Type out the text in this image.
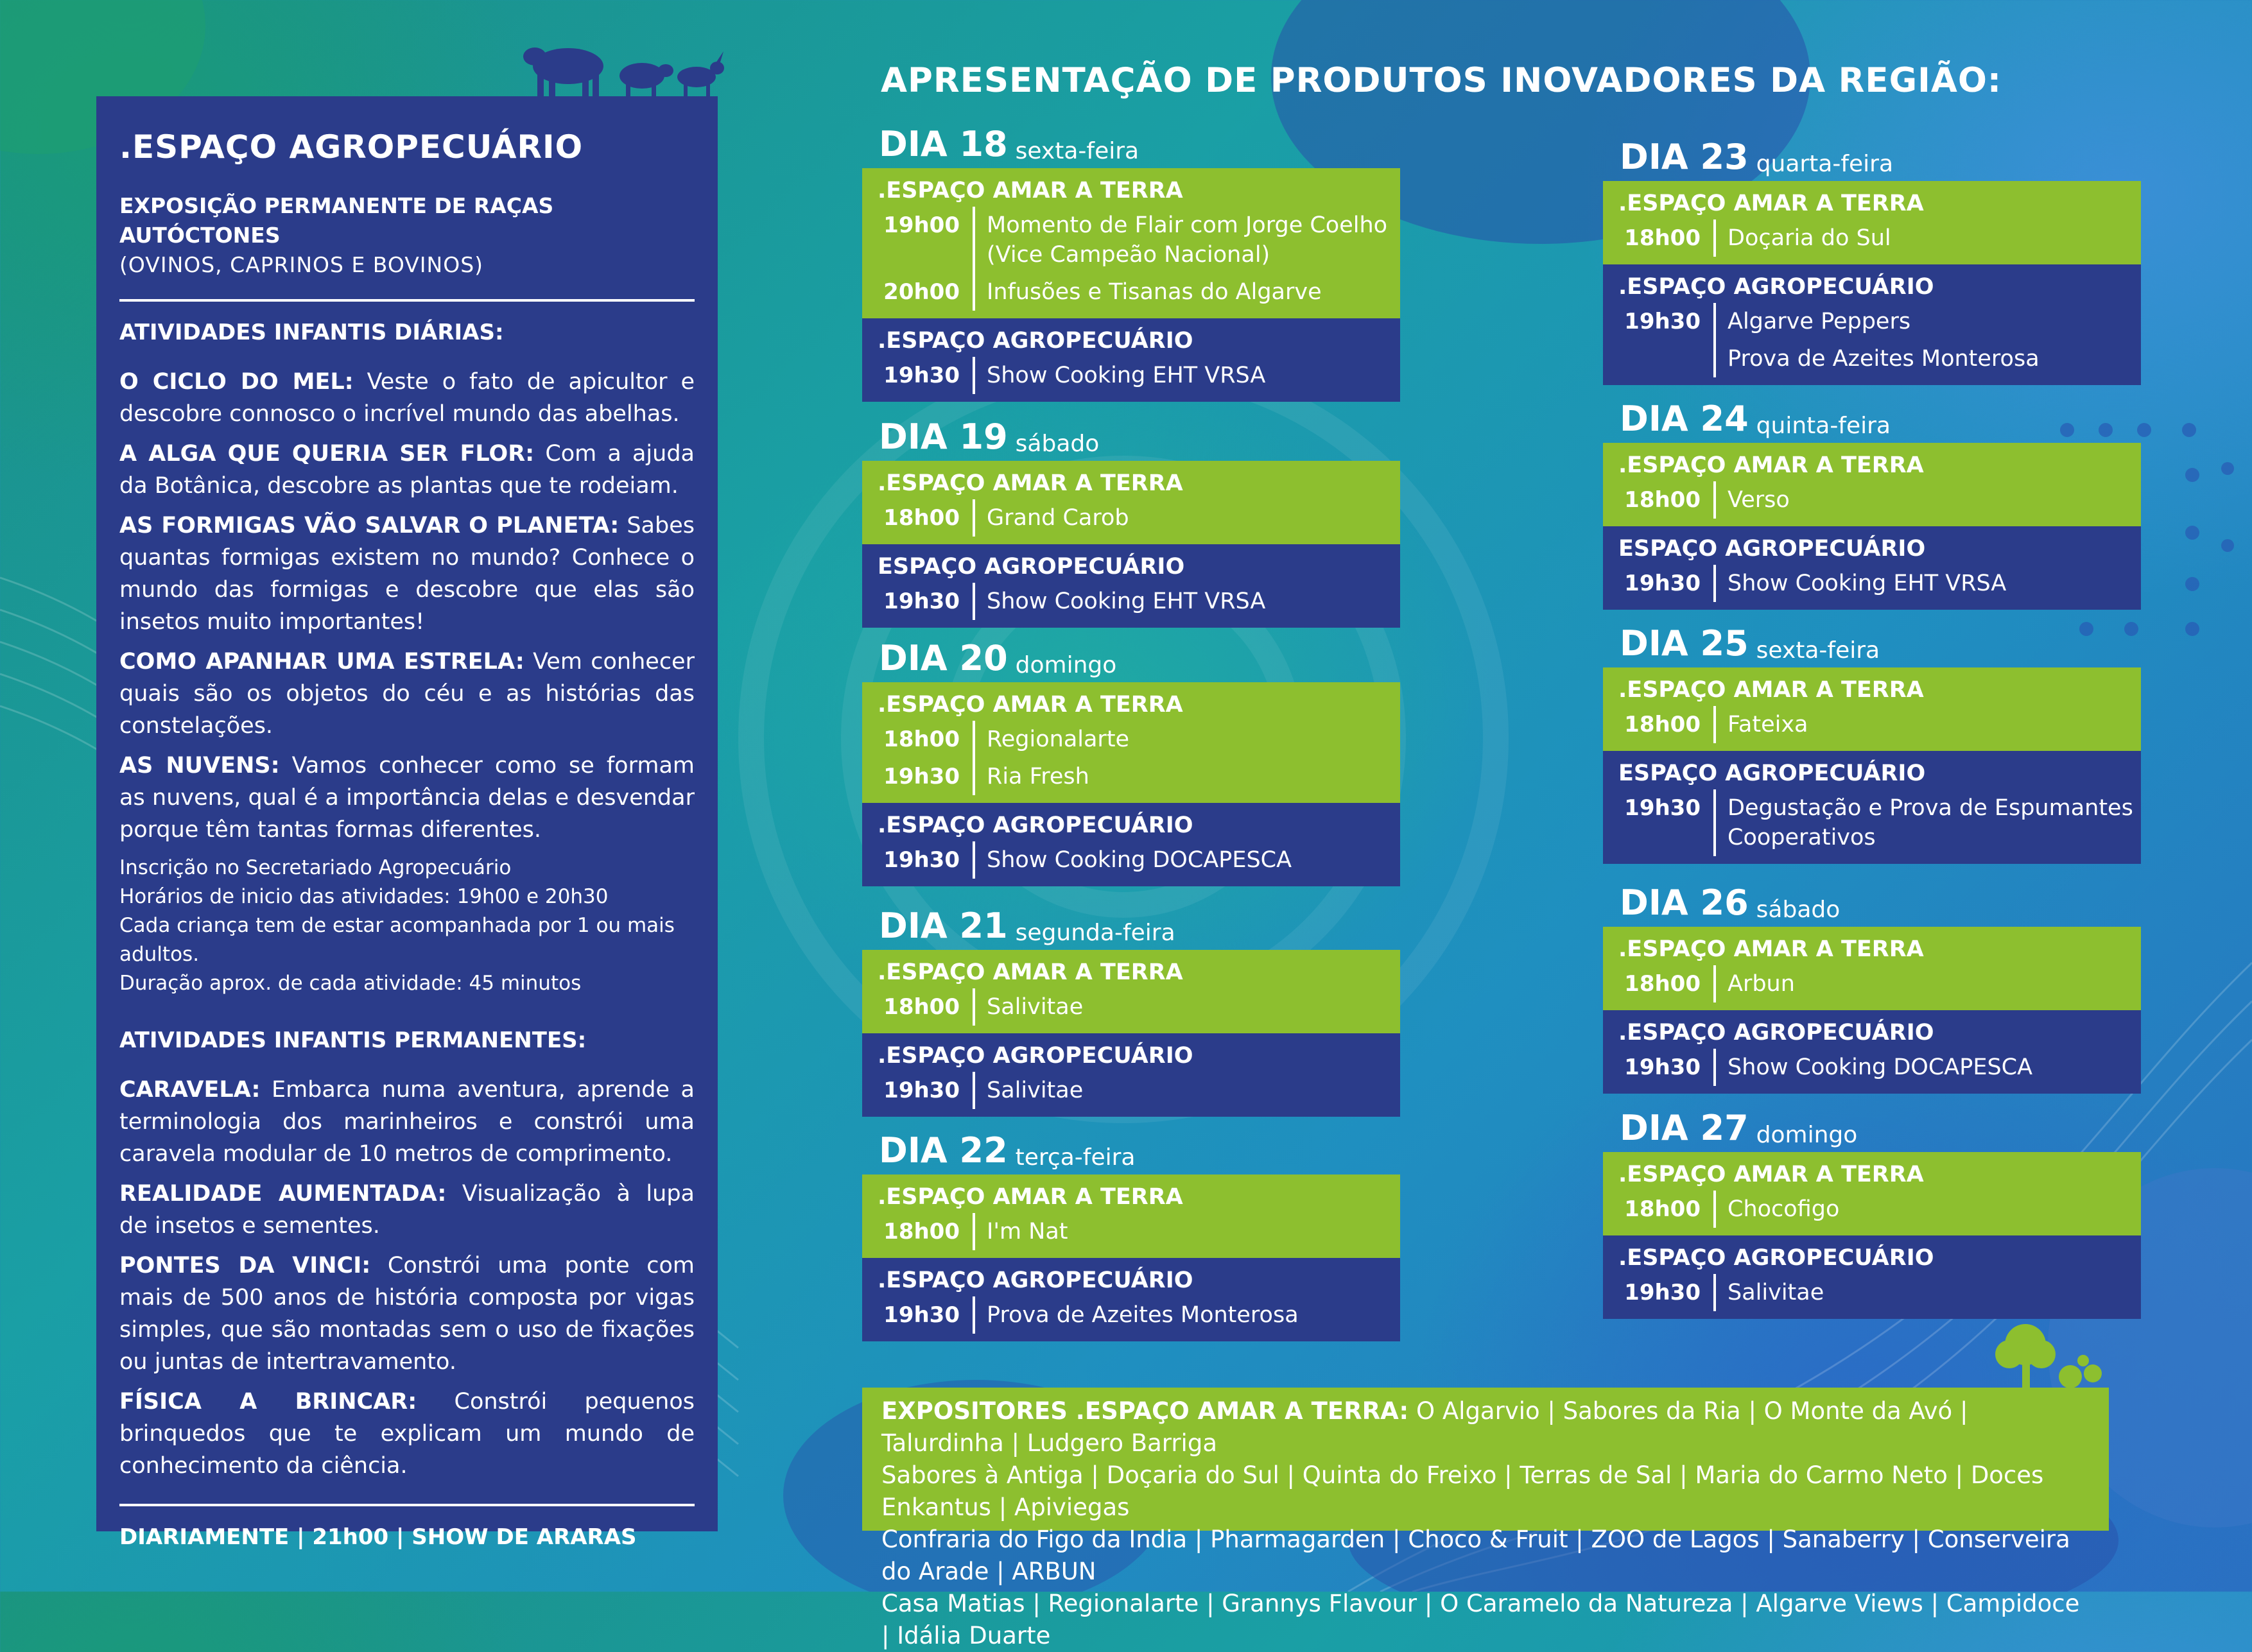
.ESPAÇO AGROPECUÁRIO
EXPOSIÇÃO PERMANENTE DE RAÇAS AUTÓCTONES
(OVINOS, CAPRINOS E BOVINOS)
ATIVIDADES INFANTIS DIÁRIAS:

O CICLO DO MEL: Veste o fato de apicultor e descobre connosco o incrível mundo das abelhas.

A ALGA QUE QUERIA SER FLOR: Com a ajuda da Botânica, descobre as plantas que te rodeiam.

AS FORMIGAS VÃO SALVAR O PLANETA: Sabes quantas formigas existem no mundo? Conhece o mundo das formigas e descobre que elas são insetos muito importantes!

COMO APANHAR UMA ESTRELA: Vem conhecer quais são os objetos do céu e as histórias das constelações.

AS NUVENS: Vamos conhecer como se formam as nuvens, qual é a importância delas e desvendar porque têm tantas formas diferentes.

Inscrição no Secretariado Agropecuário
Horários de inicio das atividades: 19h00 e 20h30
Cada criança tem de estar acompanhada por 1 ou mais adultos.
Duração aprox. de cada atividade: 45 minutos
ATIVIDADES INFANTIS PERMANENTES:

CARAVELA: Embarca numa aventura, aprende a terminologia dos marinheiros e constrói uma caravela modular de 10 metros de comprimento.

REALIDADE AUMENTADA: Visualização à lupa de insetos e sementes.

PONTES DA VINCI: Constrói uma ponte com mais de 500 anos de história composta por vigas simples, que são montadas sem o uso de fixações ou juntas de intertravamento.

FÍSICA A BRINCAR: Constrói pequenos brinquedos que te explicam um mundo de conhecimento da ciência.

DIARIAMENTE | 21h00 | SHOW DE ARARAS
APRESENTAÇÃO DE PRODUTOS INOVADORES DA REGIÃO:
DIA 18 sexta-feira
.ESPAÇO AMAR A TERRA
19h00	Momento de Flair com Jorge Coelho
(Vice Campeão Nacional)
20h00	Infusões e Tisanas do Algarve
.ESPAÇO AGROPECUÁRIO
19h30	Show Cooking EHT VRSA
DIA 19 sábado
.ESPAÇO AMAR A TERRA
18h00	Grand Carob
ESPAÇO AGROPECUÁRIO
19h30	Show Cooking EHT VRSA
DIA 20 domingo
.ESPAÇO AMAR A TERRA
18h00	Regionalarte
19h30	Ria Fresh
.ESPAÇO AGROPECUÁRIO
19h30	Show Cooking DOCAPESCA
DIA 21 segunda-feira
.ESPAÇO AMAR A TERRA
18h00	Salivitae
.ESPAÇO AGROPECUÁRIO
19h30	Salivitae
DIA 22 terça-feira
.ESPAÇO AMAR A TERRA
18h00	I'm Nat
.ESPAÇO AGROPECUÁRIO
19h30	Prova de Azeites Monterosa
DIA 23 quarta-feira
.ESPAÇO AMAR A TERRA
18h00	Doçaria do Sul
.ESPAÇO AGROPECUÁRIO
19h30	Algarve Peppers
Prova de Azeites Monterosa
DIA 24 quinta-feira
.ESPAÇO AMAR A TERRA
18h00	Verso
ESPAÇO AGROPECUÁRIO
19h30	Show Cooking EHT VRSA
DIA 25 sexta-feira
.ESPAÇO AMAR A TERRA
18h00	Fateixa
ESPAÇO AGROPECUÁRIO
19h30	Degustação e Prova de Espumantes
Cooperativos
DIA 26 sábado
.ESPAÇO AMAR A TERRA
18h00	Arbun
.ESPAÇO AGROPECUÁRIO
19h30	Show Cooking DOCAPESCA
DIA 27 domingo
.ESPAÇO AMAR A TERRA
18h00	Chocofigo
.ESPAÇO AGROPECUÁRIO
19h30	Salivitae
EXPOSITORES .ESPAÇO AMAR A TERRA: O Algarvio | Sabores da Ria | O Monte da Avó | Talurdinha | Ludgero Barriga
Sabores à Antiga | Doçaria do Sul | Quinta do Freixo | Terras de Sal | Maria do Carmo Neto | Doces Enkantus | Apiviegas
Confraria do Figo da India | Pharmagarden | Choco & Fruit | ZOO de Lagos | Sanaberry | Conserveira do Arade | ARBUN
Casa Matias | Regionalarte | Grannys Flavour | O Caramelo da Natureza | Algarve Views | Campidoce | Idália Duarte
